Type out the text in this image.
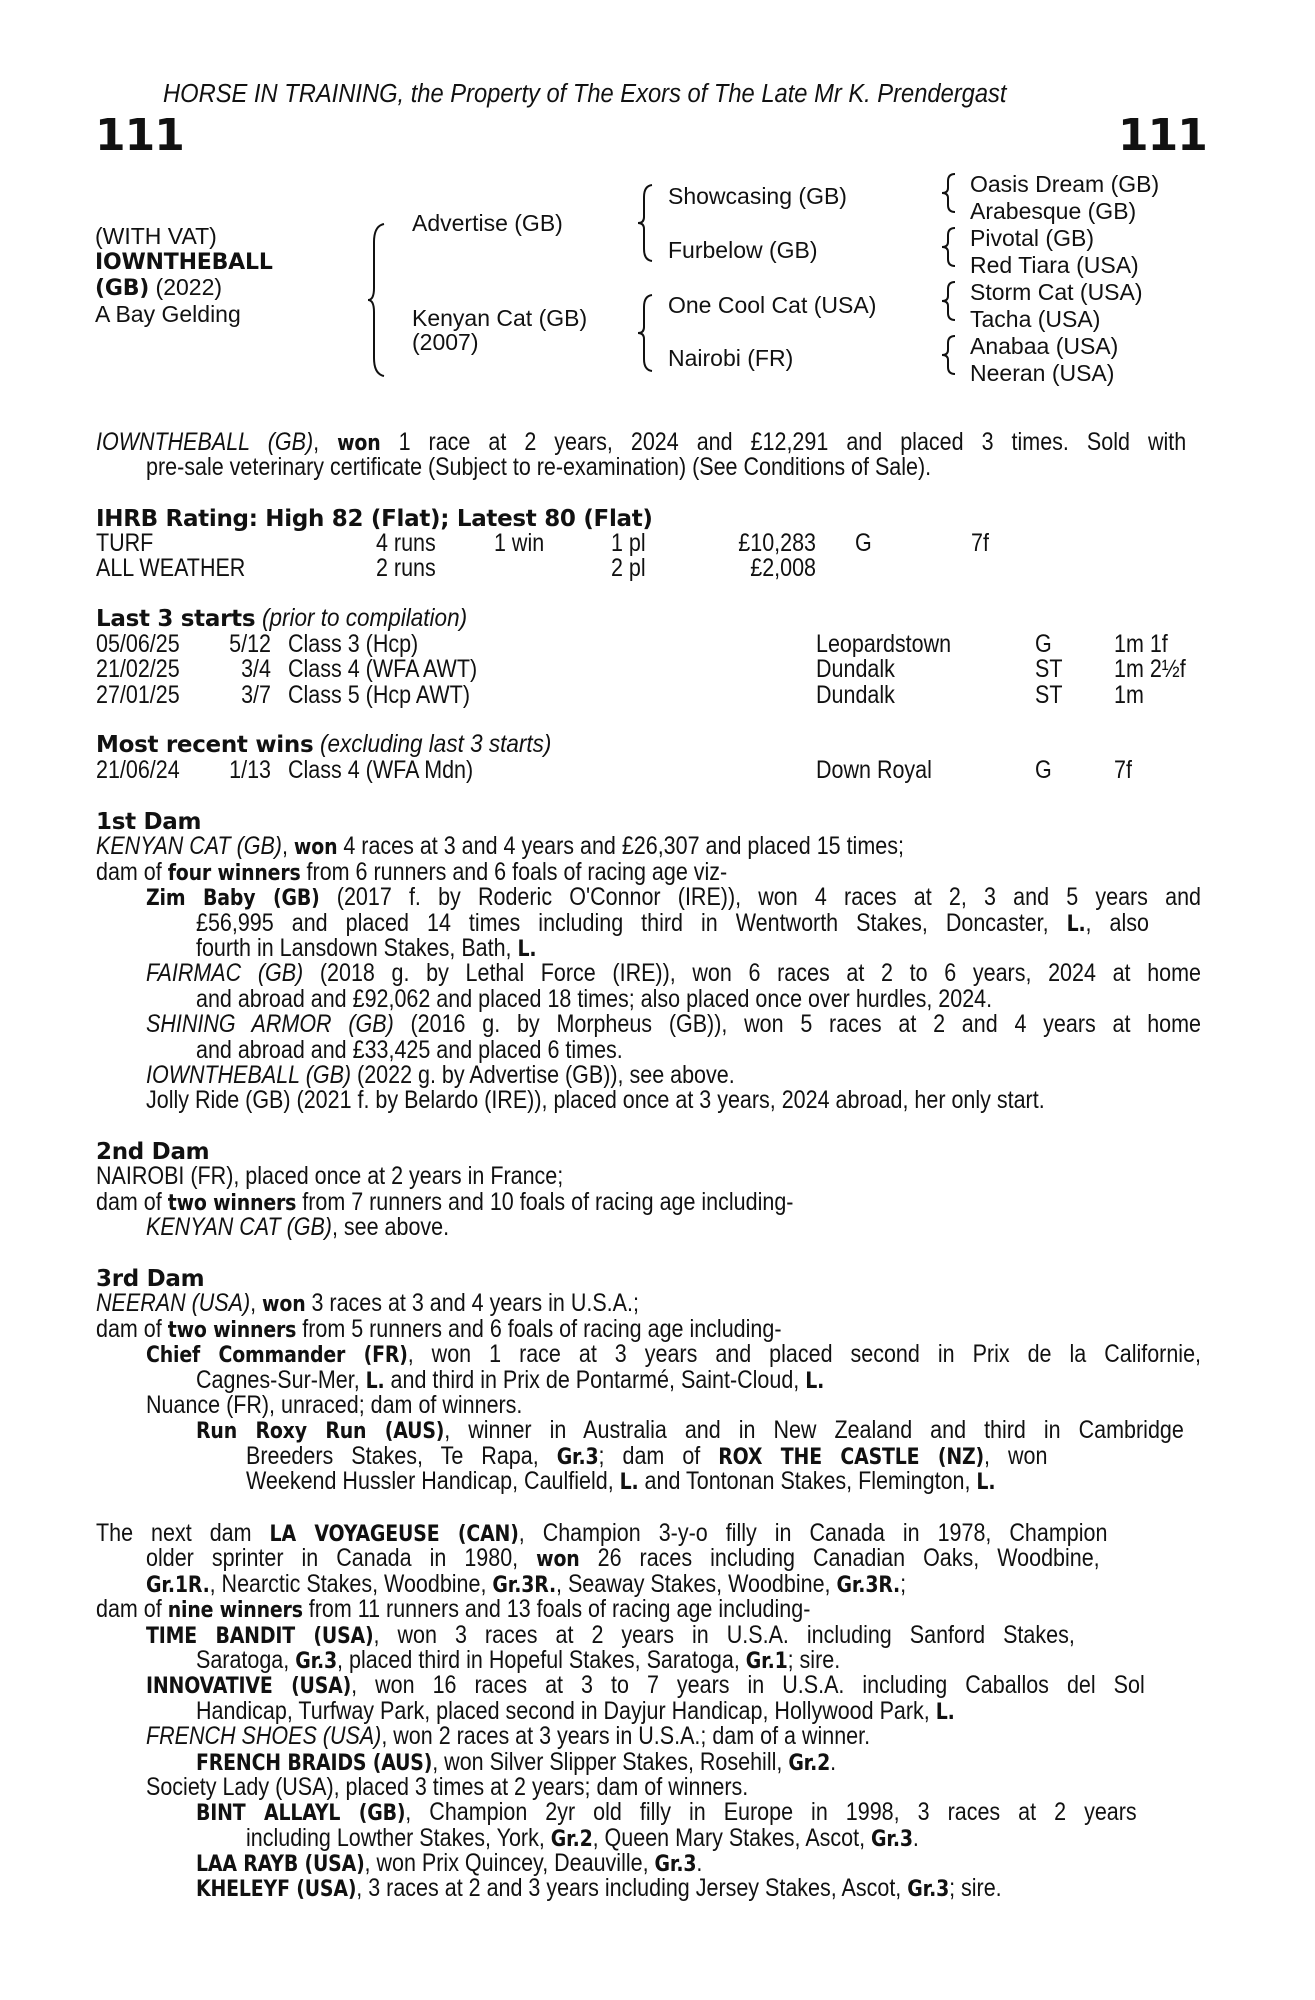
HORSE IN TRAINING, the Property of The Exors of The Late Mr K. Prendergast
111	111
(WITH VAT)
IOWNTHEBALL
(GB) (2022)
A Bay Gelding
Advertise (GB)
Kenyan Cat (GB)
(2007)
Showcasing (GB)
Furbelow (GB)
One Cool Cat (USA)
Nairobi (FR)
Oasis Dream (GB)
Arabesque (GB)
Pivotal (GB)
Red Tiara (USA)
Storm Cat (USA)
Tacha (USA)
Anabaa (USA)
Neeran (USA)
IOWNTHEBALL (GB), won 1 race at 2 years, 2024 and £12,291 and placed 3 times. Sold with
pre-sale veterinary certificate (Subject to re-examination) (See Conditions of Sale).
IHRB Rating: High 82 (Flat); Latest 80 (Flat)
TURF	4 runs 1 win	1 pl	£10,283 G	7f
ALL WEATHER	2 runs	2 pl	£2,008
Last 3 starts (prior to compilation)
05/06/25	5/12 Class 3 (Hcp)	Leopardstown	G 1m 1f
21/02/25	3/4 Class 4 (WFA AWT)	Dundalk	ST 1m 2½f
27/01/25	3/7 Class 5 (Hcp AWT)	Dundalk	ST 1m
Most recent wins (excluding last 3 starts)
21/06/24	1/13 Class 4 (WFA Mdn)	Down Royal	G 7f
1st Dam
KENYAN CAT (GB), won 4 races at 3 and 4 years and £26,307 and placed 15 times;
dam of four winners from 6 runners and 6 foals of racing age viz-
Zim Baby (GB) (2017 f. by Roderic O'Connor (IRE)), won 4 races at 2, 3 and 5 years and
£56,995 and placed 14 times including third in Wentworth Stakes, Doncaster, L., also
fourth in Lansdown Stakes, Bath, L.
FAIRMAC (GB) (2018 g. by Lethal Force (IRE)), won 6 races at 2 to 6 years, 2024 at home
and abroad and £92,062 and placed 18 times; also placed once over hurdles, 2024.
SHINING ARMOR (GB) (2016 g. by Morpheus (GB)), won 5 races at 2 and 4 years at home
and abroad and £33,425 and placed 6 times.
IOWNTHEBALL (GB) (2022 g. by Advertise (GB)), see above.
Jolly Ride (GB) (2021 f. by Belardo (IRE)), placed once at 3 years, 2024 abroad, her only start.
2nd Dam
NAIROBI (FR), placed once at 2 years in France;
dam of two winners from 7 runners and 10 foals of racing age including-
KENYAN CAT (GB), see above.
3rd Dam
NEERAN (USA), won 3 races at 3 and 4 years in U.S.A.;
dam of two winners from 5 runners and 6 foals of racing age including-
Chief Commander (FR), won 1 race at 3 years and placed second in Prix de la Californie,
Cagnes-Sur-Mer, L. and third in Prix de Pontarmé, Saint-Cloud, L.
Nuance (FR), unraced; dam of winners.
Run Roxy Run (AUS), winner in Australia and in New Zealand and third in Cambridge
Breeders Stakes, Te Rapa, Gr.3; dam of ROX THE CASTLE (NZ), won
Weekend Hussler Handicap, Caulfield, L. and Tontonan Stakes, Flemington, L.
The next dam LA VOYAGEUSE (CAN), Champion 3-y-o filly in Canada in 1978, Champion
older sprinter in Canada in 1980, won 26 races including Canadian Oaks, Woodbine,
Gr.1R., Nearctic Stakes, Woodbine, Gr.3R., Seaway Stakes, Woodbine, Gr.3R.;
dam of nine winners from 11 runners and 13 foals of racing age including-
TIME BANDIT (USA), won 3 races at 2 years in U.S.A. including Sanford Stakes,
Saratoga, Gr.3, placed third in Hopeful Stakes, Saratoga, Gr.1; sire.
INNOVATIVE (USA), won 16 races at 3 to 7 years in U.S.A. including Caballos del Sol
Handicap, Turfway Park, placed second in Dayjur Handicap, Hollywood Park, L.
FRENCH SHOES (USA), won 2 races at 3 years in U.S.A.; dam of a winner.
FRENCH BRAIDS (AUS), won Silver Slipper Stakes, Rosehill, Gr.2.
Society Lady (USA), placed 3 times at 2 years; dam of winners.
BINT ALLAYL (GB), Champion 2yr old filly in Europe in 1998, 3 races at 2 years
including Lowther Stakes, York, Gr.2, Queen Mary Stakes, Ascot, Gr.3.
LAA RAYB (USA), won Prix Quincey, Deauville, Gr.3.
KHELEYF (USA), 3 races at 2 and 3 years including Jersey Stakes, Ascot, Gr.3; sire.
